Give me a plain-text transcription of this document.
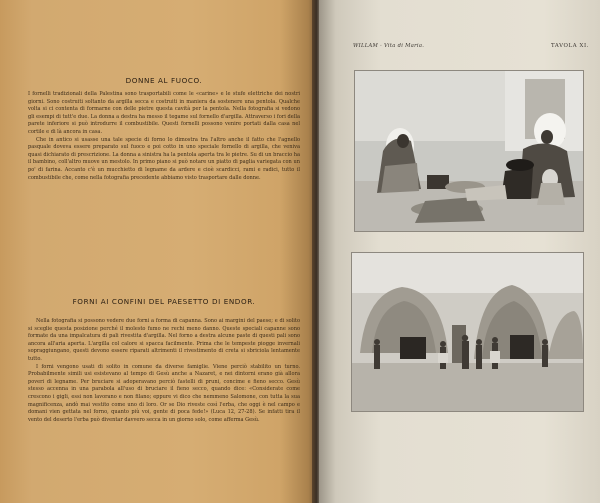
DONNE AL FUOCO.

I fornelli tradizionali della Palestina sono trasportabili come le «carine» e le stufe elettriche dei nostri giorni. Sono costruiti soltanto da argilla secca e costruiti in maniera da sostenere una pentola. Qualche volta si ci contenta di formarne con delle pietre questa cavità per la pentola. Nella fotografia si vedono gli esempi di tutt'e due. La donna a destra ha messo il tegame sul fornello d'argilla. Attraverso i fori della parete inferiore si può introdurre il combustibile. Questi fornelli possono venire portati dalla casa nel cortile e di là ancora in casa.

Che in antico si usasse una tale specie di forno lo dimostra tra l'altro anche il fatto che l'agnello pasquale doveva essere preparato sul fuoco e poi cotto in uno speciale fornello di argilla, che veniva quasi dichiarato di prescrizione. La donna a sinistra ha la pentola aperta tra le pietre. Su di un braccio ha il bambino, coll'altro muove un mestolo. In primo piano si può notare un piatto di paglia variegata con un po' di farina. Accanto c'è un mucchietto di legname da ardere e cioè scardicci, rami e radici, tutto il combustibile che, come nella fotografia precedente abbiamo visto trasportare dalle donne.

FORNI AI CONFINI DEL PAESETTO DI ENDOR.

Nella fotografia si possono vedere due forni a forma di capanna. Sono ai margini del paese; e di solito si sceglie questa posizione perché il molesto fumo ne rechi meno danno. Queste speciali capanne sono formate da una impalcatura di pali rivestita d'argilla. Nel forno a destra alcune paste di questi pali sono ancora all'aria aperta. L'argilla col calore si spacca facilmente. Prima che le tempeste piogge invernali sopraggiungano, questi devono essere riparati altrimenti il rivestimento di creta si sbriciola lentamente tutto.

I forni vengono usati di solito in comune da diverse famiglie. Viene perciò stabilito un turno. Probabilmente simili usi esistevano al tempo di Gesù anche a Nazaret, e nei dintorni erano già allora poveri di legname. Per bruciare si adoperavano perciò fastelli di pruni, concime e fieno secco. Gesù stesso accenna in una parabola all'uso di bruciare il fieno secco, quando dice: «Considerate come crescono i gigli, essi non lavorano e non filano; eppure vi dico che nemmeno Salomone, con tutta la sua magnificenza, andò mai vestito come uno di loro. Or se Dio riveste così l'erba, che oggi è nel campo e domani vien gettata nel forno, quanto più voi, gente di poca fede!» (Luca 12, 27-28). Se infatti tira il vento del deserto l'erba può diventar davvero secca in un giorno solo, come afferma Gesù.

WILLAM · Vita di Maria.	TAVOLA XI.
